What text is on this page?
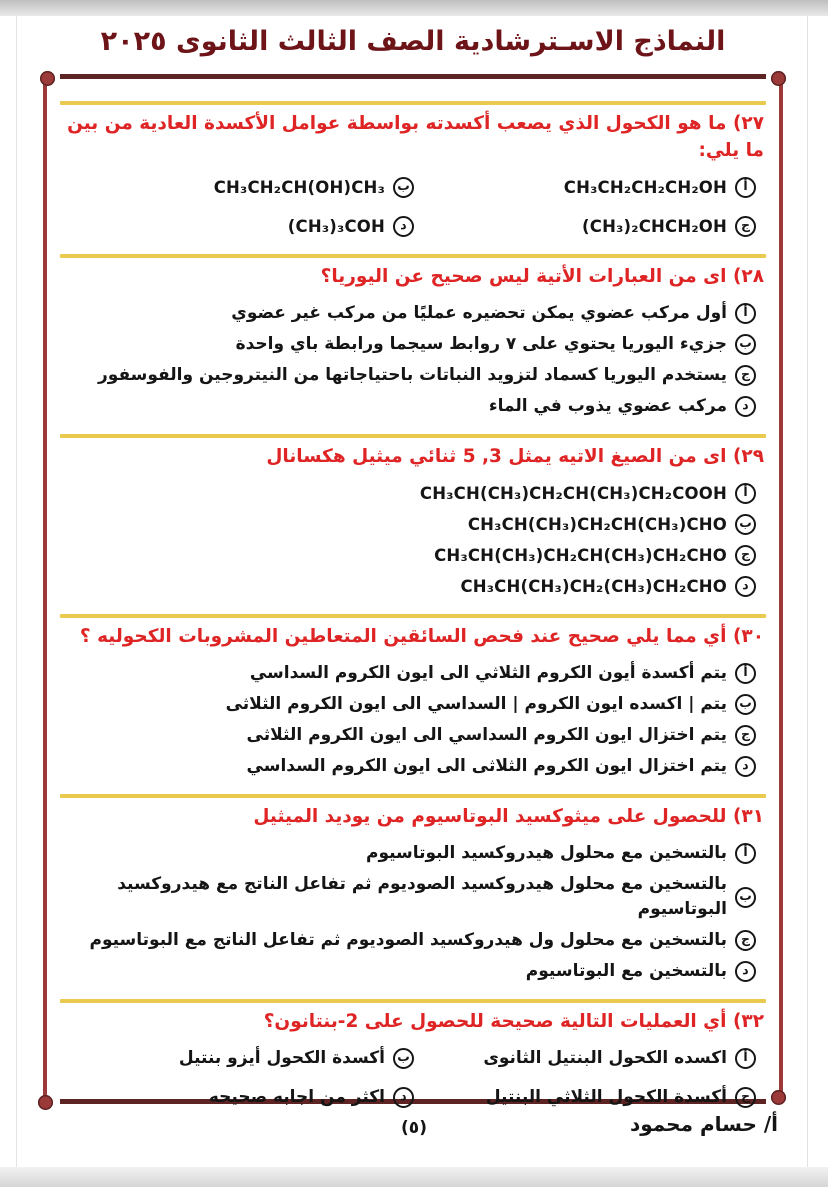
النماذج الاسـترشادية الصف الثالث الثانوى ٢٠٢٥
٢٧) ما هو الكحول الذي يصعب أكسدته بواسطة عوامل الأكسدة العادية من بين ما يلي:
أ
CH₃CH₂CH₂CH₂OH
ب
CH₃CH₂CH(OH)CH₃
ج
(CH₃)₂CHCH₂OH
د
(CH₃)₃COH
٢٨) اى من العبارات الأتية ليس صحيح عن اليوريا؟
أ
أول مركب عضوي يمكن تحضيره عمليًا من مركب غير عضوي
ب
جزيء اليوريا يحتوي على ٧ روابط سيجما ورابطة باي واحدة
ج
يستخدم اليوريا كسماد لتزويد النباتات باحتياجاتها من النيتروجين والفوسفور
د
مركب عضوي يذوب في الماء
٢٩) اى من الصيغ الاتيه يمثل 3, 5 ثنائي ميثيل هكسانال
أ
CH₃CH(CH₃)CH₂CH(CH₃)CH₂COOH
ب
CH₃CH(CH₃)CH₂CH(CH₃)CHO
ج
CH₃CH(CH₃)CH₂CH(CH₃)CH₂CHO
د
CH₃CH(CH₃)CH₂(CH₃)CH₂CHO
٣٠) أي مما يلي صحيح عند فحص السائقين المتعاطين المشروبات الكحوليه ؟
أ
يتم أكسدة أيون الكروم الثلاثي الى ايون الكروم السداسي
ب
يتم | اكسده ايون الكروم | السداسي الى ايون الكروم الثلاثى
ج
يتم اختزال ايون الكروم السداسي الى ايون الكروم الثلاثى
د
يتم اختزال ايون الكروم الثلاثى الى ايون الكروم السداسي
٣١) للحصول على ميثوكسيد البوتاسيوم من يوديد الميثيل
أ
بالتسخين مع محلول هيدروكسيد البوتاسيوم
ب
بالتسخين مع محلول هيدروكسيد الصوديوم ثم تفاعل الناتج مع هيدروكسيد البوتاسيوم
ج
بالتسخين مع محلول ول هيدروكسيد الصوديوم ثم تفاعل الناتج مع البوتاسيوم
د
بالتسخين مع البوتاسيوم
٣٢) أي العمليات التالية صحيحة للحصول على 2-بنتانون؟
أ
اكسده الكحول البنتيل الثانوى
ب
أكسدة الكحول أيزو بنتيل
ج
أكسدة الكحول الثلاثي البنتيل
د
اكثر من اجابه صحيحه
أ/ حسام محمود
(٥)
